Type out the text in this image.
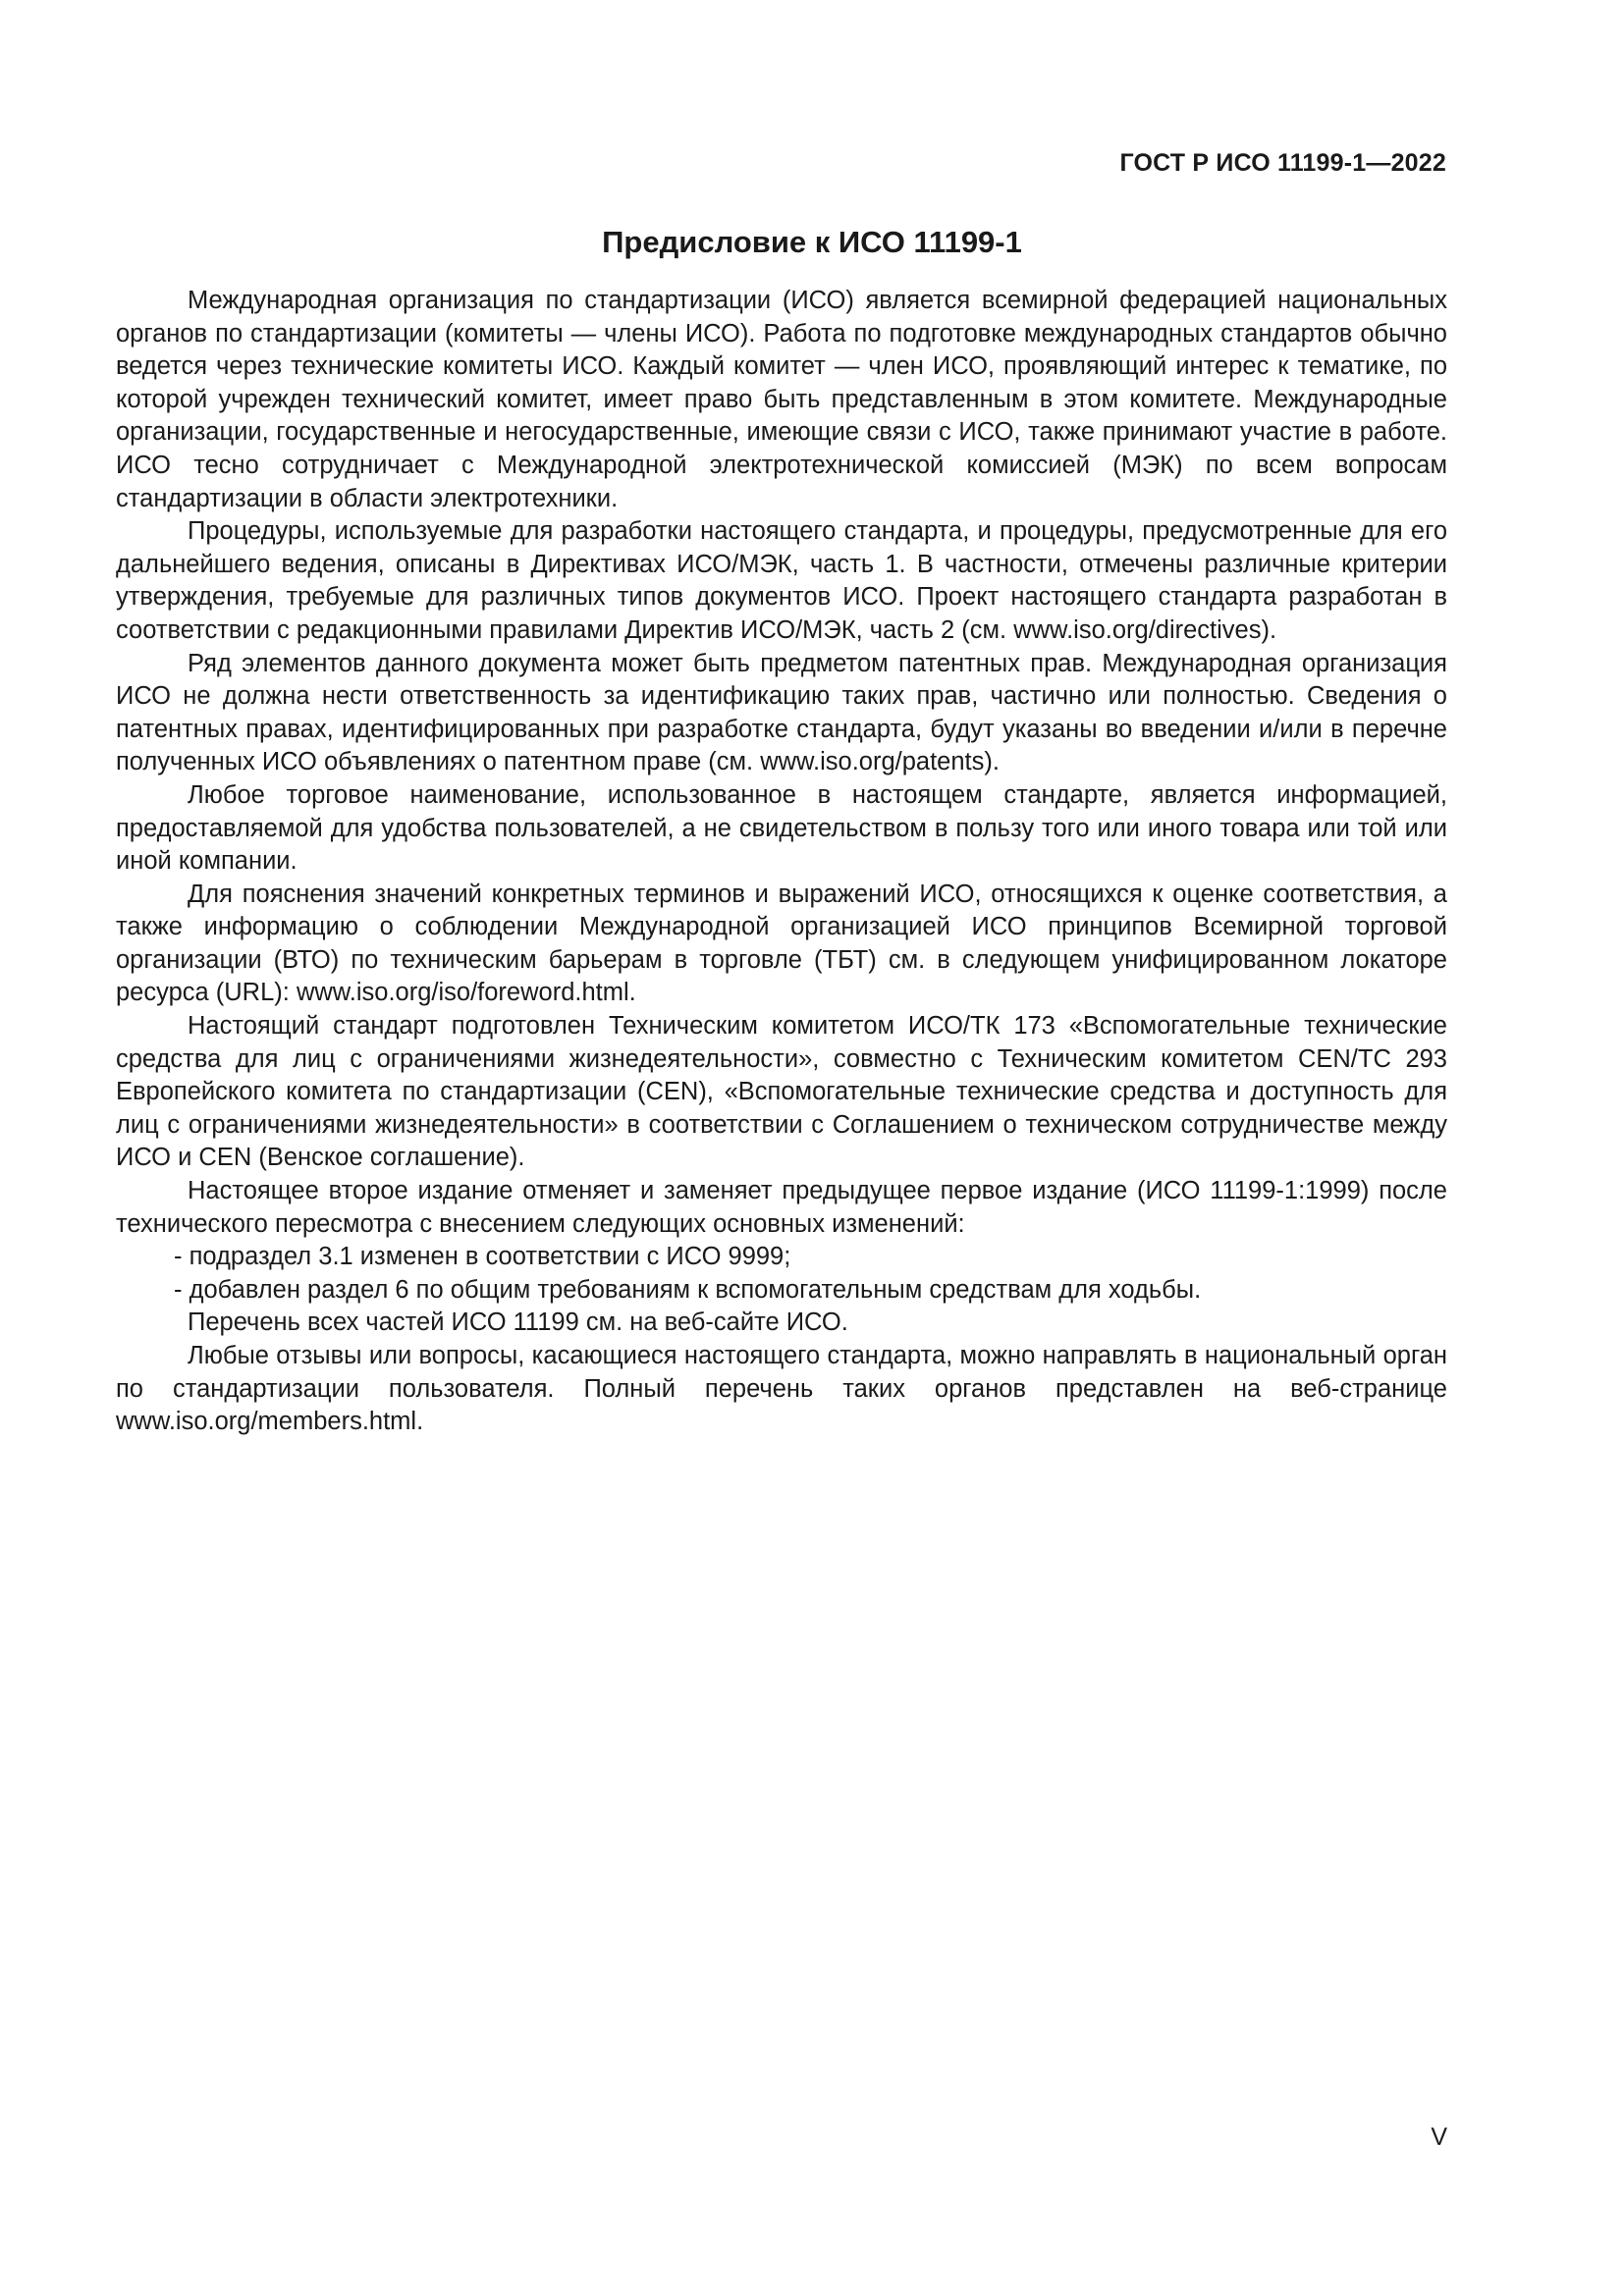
ГОСТ Р ИСО 11199-1—2022

Предисловие к ИСО 11199-1

Международная организация по стандартизации (ИСО) является всемирной федерацией национальных органов по стандартизации (комитеты — члены ИСО). Работа по подготовке международных стандартов обычно ведется через технические комитеты ИСО. Каждый комитет — член ИСО, проявляющий интерес к тематике, по которой учрежден технический комитет, имеет право быть представленным в этом комитете. Международные организации, государственные и негосударственные, имеющие связи с ИСО, также принимают участие в работе. ИСО тесно сотрудничает с Международной электротехнической комиссией (МЭК) по всем вопросам стандартизации в области электротехники.

Процедуры, используемые для разработки настоящего стандарта, и процедуры, предусмотренные для его дальнейшего ведения, описаны в Директивах ИСО/МЭК, часть 1. В частности, отмечены различные критерии утверждения, требуемые для различных типов документов ИСО. Проект настоящего стандарта разработан в соответствии с редакционными правилами Директив ИСО/МЭК, часть 2 (см. www.iso.org/directives).

Ряд элементов данного документа может быть предметом патентных прав. Международная организация ИСО не должна нести ответственность за идентификацию таких прав, частично или полностью. Сведения о патентных правах, идентифицированных при разработке стандарта, будут указаны во введении и/или в перечне полученных ИСО объявлениях о патентном праве (см. www.iso.org/patents).

Любое торговое наименование, использованное в настоящем стандарте, является информацией, предоставляемой для удобства пользователей, а не свидетельством в пользу того или иного товара или той или иной компании.

Для пояснения значений конкретных терминов и выражений ИСО, относящихся к оценке соответствия, а также информацию о соблюдении Международной организацией ИСО принципов Всемирной торговой организации (ВТО) по техническим барьерам в торговле (ТБТ) см. в следующем унифицированном локаторе ресурса (URL): www.iso.org/iso/foreword.html.

Настоящий стандарт подготовлен Техническим комитетом ИСО/ТК 173 «Вспомогательные технические средства для лиц с ограничениями жизнедеятельности», совместно с Техническим комитетом CEN/TC 293 Европейского комитета по стандартизации (CEN), «Вспомогательные технические средства и доступность для лиц с ограничениями жизнедеятельности» в соответствии с Соглашением о техническом сотрудничестве между ИСО и CEN (Венское соглашение).

Настоящее второе издание отменяет и заменяет предыдущее первое издание (ИСО 11199-1:1999) после технического пересмотра с внесением следующих основных изменений:

- подраздел 3.1 изменен в соответствии с ИСО 9999;

- добавлен раздел 6 по общим требованиям к вспомогательным средствам для ходьбы.

Перечень всех частей ИСО 11199 см. на веб-сайте ИСО.

Любые отзывы или вопросы, касающиеся настоящего стандарта, можно направлять в национальный орган по стандартизации пользователя. Полный перечень таких органов представлен на веб-странице www.iso.org/members.html.

V
